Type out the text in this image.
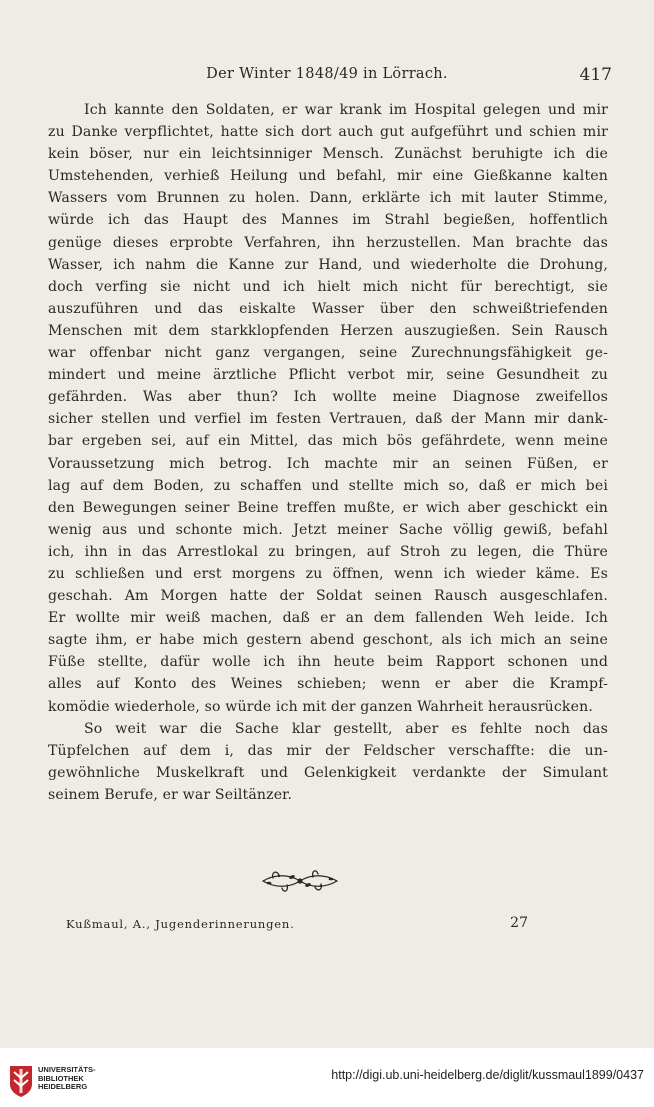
Der Winter 1848/49 in Lörrach.	417
Ich kannte den Soldaten, er war krank im Hospital gelegen und mir
zu Danke verpflichtet, hatte sich dort auch gut aufgeführt und schien mir
kein böser, nur ein leichtsinniger Mensch. Zunächst beruhigte ich die
Umstehenden, verhieß Heilung und befahl, mir eine Gießkanne kalten
Wassers vom Brunnen zu holen. Dann, erklärte ich mit lauter Stimme,
würde ich das Haupt des Mannes im Strahl begießen, hoffentlich
genüge dieses erprobte Verfahren, ihn herzustellen. Man brachte das
Wasser, ich nahm die Kanne zur Hand, und wiederholte die Drohung,
doch verfing sie nicht und ich hielt mich nicht für berechtigt, sie
auszuführen und das eiskalte Wasser über den schweißtriefenden
Menschen mit dem starkklopfenden Herzen auszugießen. Sein Rausch
war offenbar nicht ganz vergangen, seine Zurechnungsfähigkeit ge-
mindert und meine ärztliche Pflicht verbot mir, seine Gesundheit zu
gefährden. Was aber thun? Ich wollte meine Diagnose zweifellos
sicher stellen und verfiel im festen Vertrauen, daß der Mann mir dank-
bar ergeben sei, auf ein Mittel, das mich bös gefährdete, wenn meine
Voraussetzung mich betrog. Ich machte mir an seinen Füßen, er
lag auf dem Boden, zu schaffen und stellte mich so, daß er mich bei
den Bewegungen seiner Beine treffen mußte, er wich aber geschickt ein
wenig aus und schonte mich. Jetzt meiner Sache völlig gewiß, befahl
ich, ihn in das Arrestlokal zu bringen, auf Stroh zu legen, die Thüre
zu schließen und erst morgens zu öffnen, wenn ich wieder käme. Es
geschah. Am Morgen hatte der Soldat seinen Rausch ausgeschlafen.
Er wollte mir weiß machen, daß er an dem fallenden Weh leide. Ich
sagte ihm, er habe mich gestern abend geschont, als ich mich an seine
Füße stellte, dafür wolle ich ihn heute beim Rapport schonen und
alles auf Konto des Weines schieben; wenn er aber die Krampf-
komödie wiederhole, so würde ich mit der ganzen Wahrheit herausrücken.
So weit war die Sache klar gestellt, aber es fehlte noch das
Tüpfelchen auf dem i, das mir der Feldscher verschaffte: die un-
gewöhnliche Muskelkraft und Gelenkigkeit verdankte der Simulant
seinem Berufe, er war Seiltänzer.
Kußmaul, A., Jugenderinnerungen.	27
UNIVERSITÄTS-
BIBLIOTHEK
HEIDELBERG
http://digi.ub.uni-heidelberg.de/diglit/kussmaul1899/0437
